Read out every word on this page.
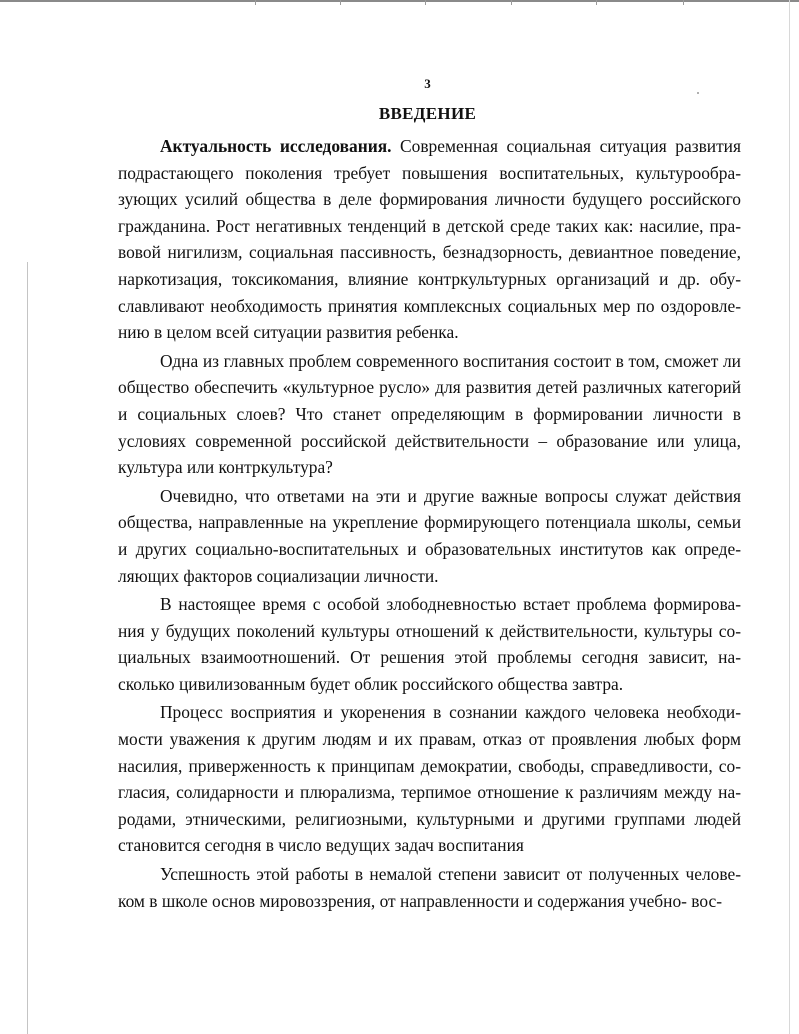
3
ВВЕДЕНИЕ

Актуальность исследования. Современная социальная ситуация развития подрастающего поколения требует повышения воспитательных, культурообразующих усилий общества в деле формирования личности будущего российского гражданина. Рост негативных тенденций в детской среде таких как: насилие, правовой нигилизм, социальная пассивность, безнадзорность, девиантное поведение, наркотизация, токсикомания, влияние контркультурных организаций и др. обуславливают необходимость принятия комплексных социальных мер по оздоровлению в целом всей ситуации развития ребенка.

Одна из главных проблем современного воспитания состоит в том, сможет ли общество обеспечить «культурное русло» для развития детей различных категорий и социальных слоев? Что станет определяющим в формировании личности в условиях современной российской действительности – образование или улица, культура или контркультура?

Очевидно, что ответами на эти и другие важные вопросы служат действия общества, направленные на укрепление формирующего потенциала школы, семьи и других социально-воспитательных и образовательных институтов как определяющих факторов социализации личности.

В настоящее время с особой злободневностью встает проблема формирования у будущих поколений культуры отношений к действительности, культуры социальных взаимоотношений. От решения этой проблемы сегодня зависит, насколько цивилизованным будет облик российского общества завтра.

Процесс восприятия и укоренения в сознании каждого человека необходимости уважения к другим людям и их правам, отказ от проявления любых форм насилия, приверженность к принципам демократии, свободы, справедливости, согласия, солидарности и плюрализма, терпимое отношение к различиям между народами, этническими, религиозными, культурными и другими группами людей становится сегодня в число ведущих задач воспитания

Успешность этой работы в немалой степени зависит от полученных человеком в школе основ мировоззрения, от направленности и содержания учебно- вос-
